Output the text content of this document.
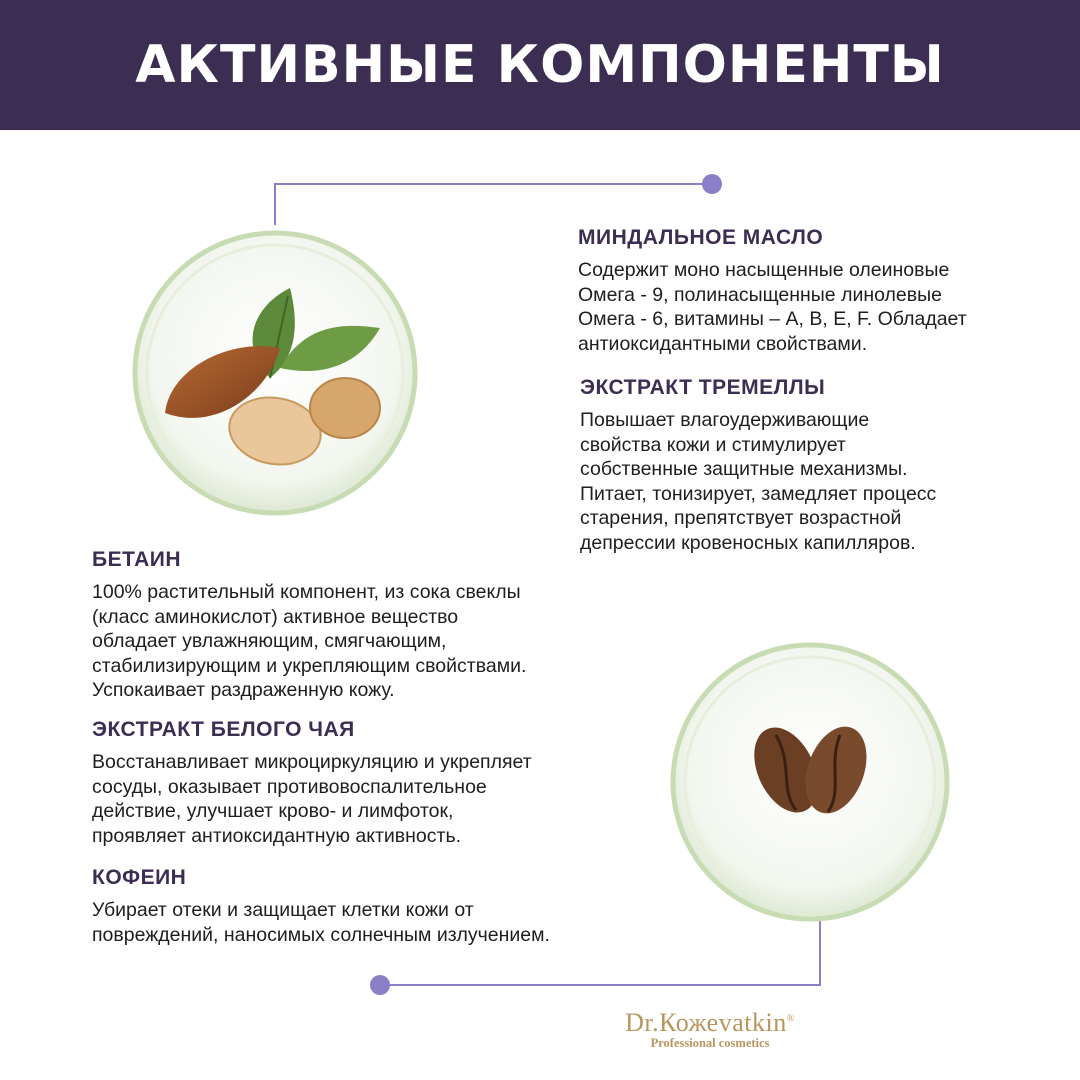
АКТИВНЫЕ КОМПОНЕНТЫ
МИНДАЛЬНОЕ МАСЛО

Содержит моно насыщенные олеиновые
Омега - 9, полинасыщенные линолевые
Омега - 6, витамины – А, В, Е, F. Обладает
антиоксидантными свойствами.

ЭКСТРАКТ ТРЕМЕЛЛЫ

Повышает влагоудерживающие
свойства кожи и стимулирует
собственные защитные механизмы.
Питает, тонизирует, замедляет процесс
старения, препятствует возрастной
депрессии кровеносных капилляров.

БЕТАИН

100% растительный компонент, из сока свеклы
(класс аминокислот) активное вещество
обладает увлажняющим, смягчающим,
стабилизирующим и укрепляющим свойствами.
Успокаивает раздраженную кожу.

ЭКСТРАКТ БЕЛОГО ЧАЯ

Восстанавливает микроциркуляцию и укрепляет
сосуды, оказывает противовоспалительное
действие, улучшает крово- и лимфоток,
проявляет антиоксидантную активность.

КОФЕИН

Убирает отеки и защищает клетки кожи от
повреждений, наносимых солнечным излучением.

Dr.Кожеvatkin®
Professional cosmetics
